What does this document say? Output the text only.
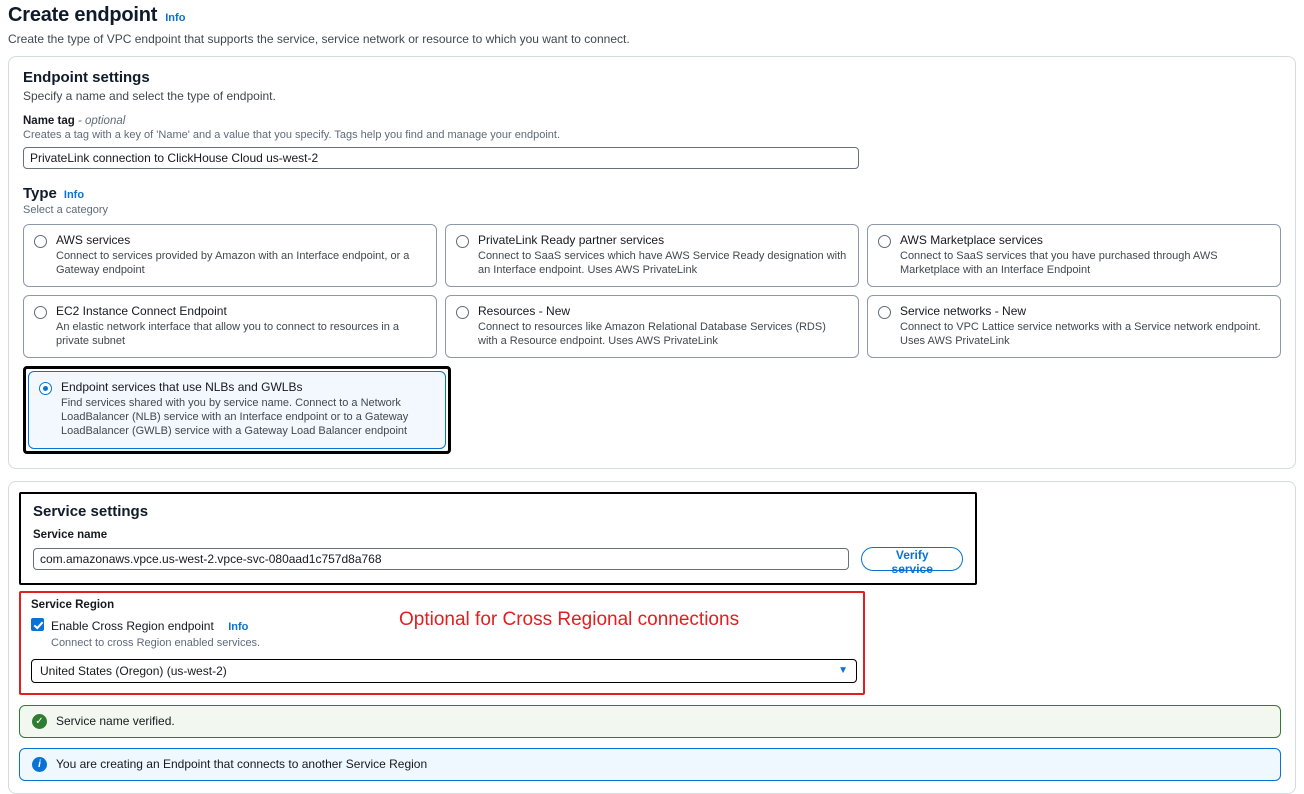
Create endpoint Info
Create the type of VPC endpoint that supports the service, service network or resource to which you want to connect.
Endpoint settings
Specify a name and select the type of endpoint.
Name tag - optional
Creates a tag with a key of 'Name' and a value that you specify. Tags help you find and manage your endpoint.
PrivateLink connection to ClickHouse Cloud us-west-2
Type Info
Select a category
AWS services
Connect to services provided by Amazon with an Interface endpoint, or a Gateway endpoint
PrivateLink Ready partner services
Connect to SaaS services which have AWS Service Ready designation with an Interface endpoint. Uses AWS PrivateLink
AWS Marketplace services
Connect to SaaS services that you have purchased through AWS Marketplace with an Interface Endpoint
EC2 Instance Connect Endpoint
An elastic network interface that allow you to connect to resources in a private subnet
Resources - New
Connect to resources like Amazon Relational Database Services (RDS) with a Resource endpoint. Uses AWS PrivateLink
Service networks - New
Connect to VPC Lattice service networks with a Service network endpoint. Uses AWS PrivateLink
Endpoint services that use NLBs and GWLBs
Find services shared with you by service name. Connect to a Network LoadBalancer (NLB) service with an Interface endpoint or to a Gateway LoadBalancer (GWLB) service with a Gateway Load Balancer endpoint
Service settings
Service name
com.amazonaws.vpce.us-west-2.vpce-svc-080aad1c757d8a768
Verify service
Service Region
Enable Cross Region endpoint Info
Connect to cross Region enabled services.
Optional for Cross Regional connections
United States (Oregon) (us-west-2)	▼
✓ Service name verified.
i	You are creating an Endpoint that connects to another Service Region
